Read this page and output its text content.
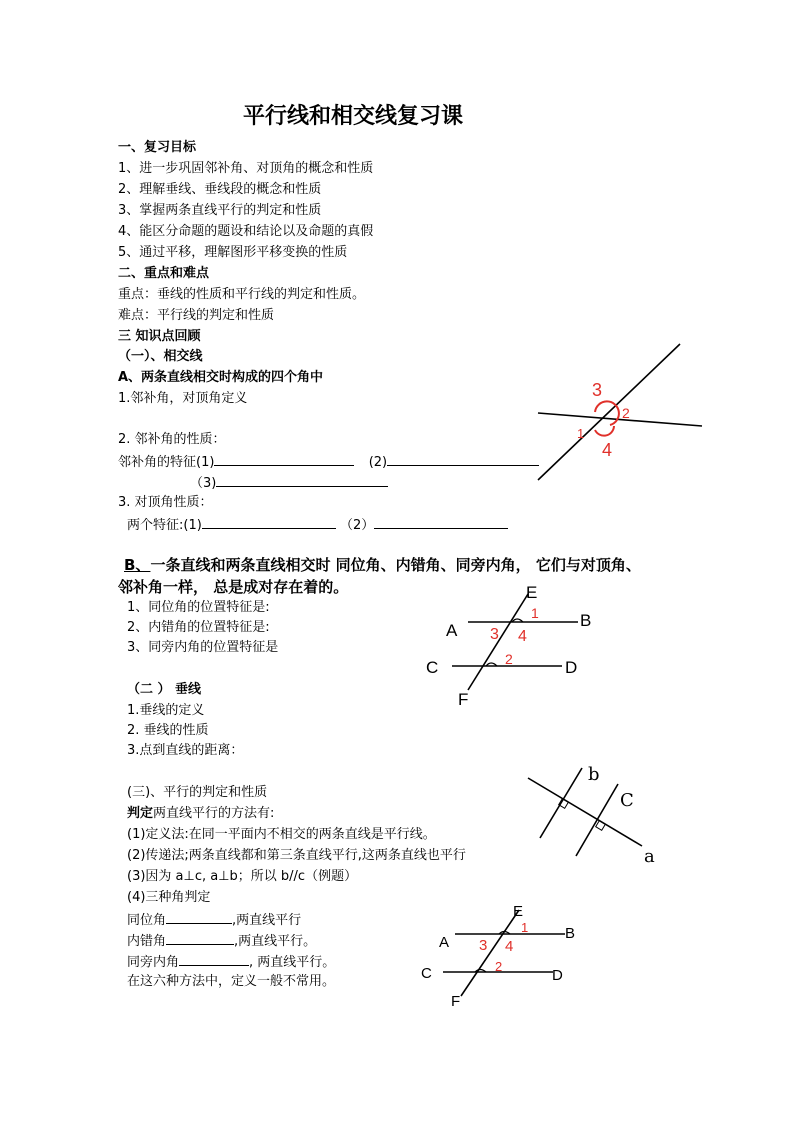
平行线和相交线复习课
一、复习目标
1、进一步巩固邻补角、对顶角的概念和性质
2、理解垂线、垂线段的概念和性质
3、掌握两条直线平行的判定和性质
4、能区分命题的题设和结论以及命题的真假
5、通过平移，理解图形平移变换的性质
二、重点和难点
重点：垂线的性质和平行线的判定和性质。
难点：平行线的判定和性质
三 知识点回顾
（一）、相交线
A、两条直线相交时构成的四个角中
1.邻补角，对顶角定义
2. 邻补角的性质：
邻补角的特征(1)	(2)
（3)
3. 对顶角性质：
两个特征:(1)	（2）
B、一条直线和两条直线相交时 同位角、内错角、同旁内角， 它们与对顶角、
邻补角一样， 总是成对存在着的。
1、同位角的位置特征是:
2、内错角的位置特征是:
3、同旁内角的位置特征是
（二 ） 垂线
1.垂线的定义
2. 垂线的性质
3.点到直线的距离：
(三)、平行的判定和性质
判定两直线平行的方法有:
(1)定义法:在同一平面内不相交的两条直线是平行线。
(2)传递法;两条直线都和第三条直线平行,这两条直线也平行
(3)因为 a⊥c, a⊥b；所以 b//c（例题）
(4)三种角判定
同位角	,两直线平行
内错角	,两直线平行。
同旁内角	, 两直线平行。
在这六种方法中，定义一般不常用。
3
2
1
4
E
A
B
C	D
F
1
3 4
2
b
C
a
E
A
B
C	D
F
1
3 4
2
